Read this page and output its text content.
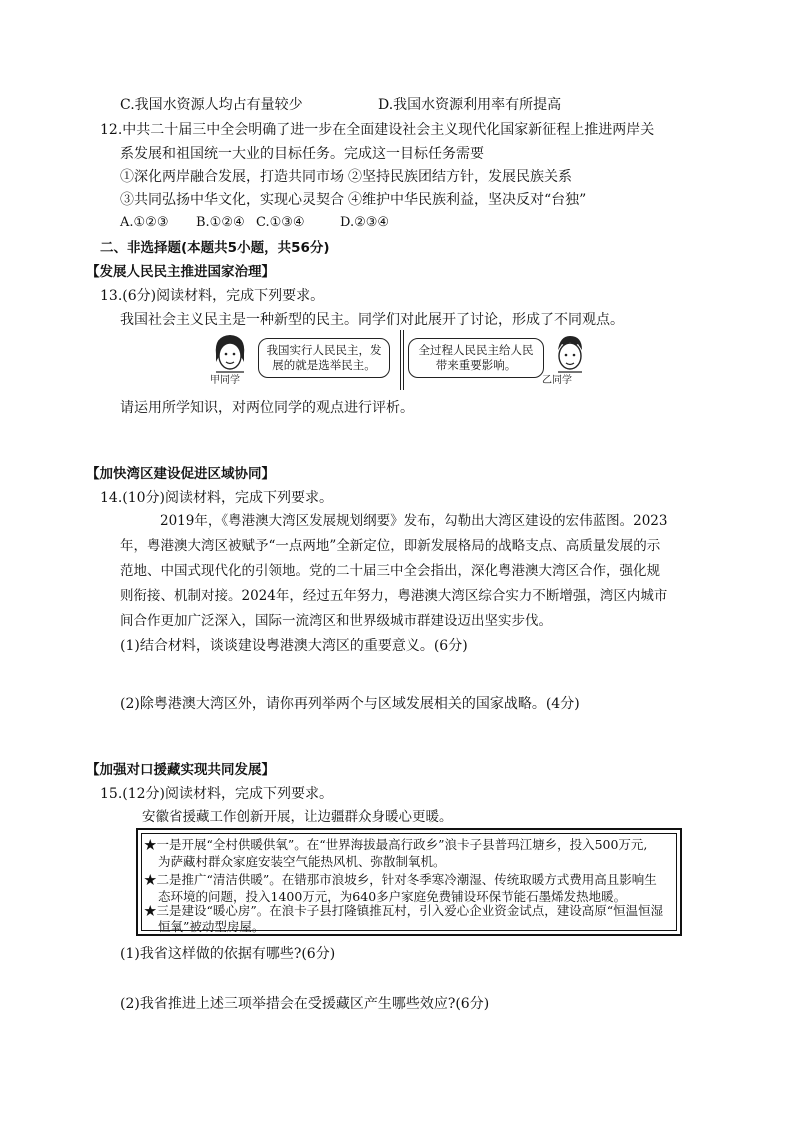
C.我国水资源人均占有量较少	D.我国水资源利用率有所提高
12.中共二十届三中全会明确了进一步在全面建设社会主义现代化国家新征程上推进两岸关
系发展和祖国统一大业的目标任务。完成这一目标任务需要
①深化两岸融合发展，打造共同市场 ②坚持民族团结方针，发展民族关系
③共同弘扬中华文化，实现心灵契合 ④维护中华民族利益，坚决反对“台独”
A.①②③ B.①②④ C.①③④	D.②③④
二、非选择题(本题共5小题，共56分)
【发展人民民主推进国家治理】
13.(6分)阅读材料，完成下列要求。
我国社会主义民主是一种新型的民主。同学们对此展开了讨论，形成了不同观点。
甲同学
我国实行人民民主，发展的就是选举民主。
全过程人民民主给人民带来重要影响。
乙同学
请运用所学知识，对两位同学的观点进行评析。
【加快湾区建设促进区域协同】
14.(10分)阅读材料，完成下列要求。
2019年，《粤港澳大湾区发展规划纲要》发布，勾勒出大湾区建设的宏伟蓝图。2023
年，粤港澳大湾区被赋予“一点两地”全新定位，即新发展格局的战略支点、高质量发展的示
范地、中国式现代化的引领地。党的二十届三中全会指出，深化粤港澳大湾区合作，强化规
则衔接、机制对接。2024年，经过五年努力，粤港澳大湾区综合实力不断增强，湾区内城市
间合作更加广泛深入，国际一流湾区和世界级城市群建设迈出坚实步伐。
(1)结合材料，谈谈建设粤港澳大湾区的重要意义。(6分)
(2)除粤港澳大湾区外，请你再列举两个与区域发展相关的国家战略。(4分)
【加强对口援藏实现共同发展】
15.(12分)阅读材料，完成下列要求。
安徽省援藏工作创新开展，让边疆群众身暖心更暖。
★一是开展“全村供暖供氧”。在“世界海拔最高行政乡”浪卡子县普玛江塘乡，投入500万元,
为萨藏村群众家庭安装空气能热风机、弥散制氧机。
★二是推广“清洁供暖”。在错那市浪坡乡，针对冬季寒冷潮湿、传统取暖方式费用高且影响生
态环境的问题，投入1400万元，为640多户家庭免费铺设环保节能石墨烯发热地暖。
★三是建设“暖心房”。在浪卡子县打隆镇推瓦村，引入爱心企业资金试点，建设高原“恒温恒湿
恒氧”被动型房屋。
(1)我省这样做的依据有哪些?(6分)
(2)我省推进上述三项举措会在受援藏区产生哪些效应?(6分)
